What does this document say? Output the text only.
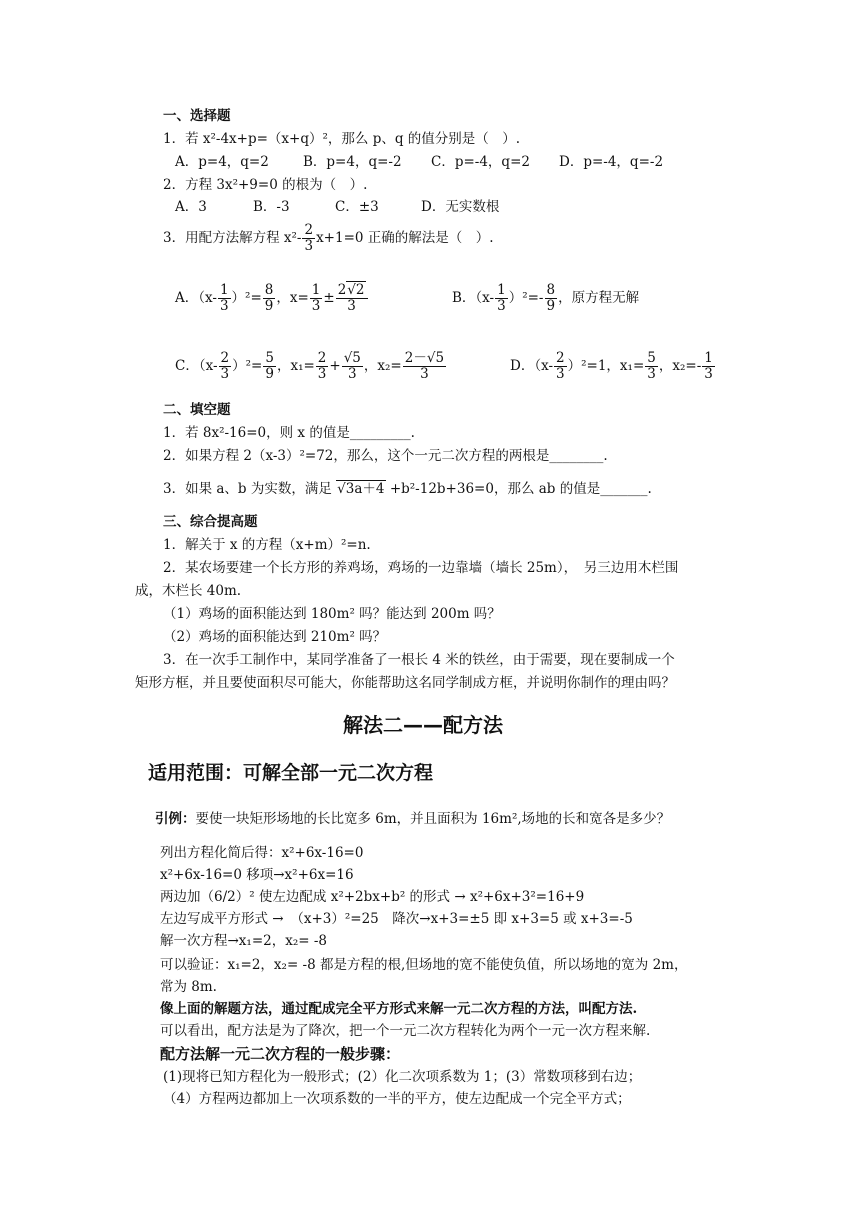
一、选择题
1．若 x²-4x+p=（x+q）²，那么 p、q 的值分别是（　）.
A．p=4，q=2	B．p=4，q=-2 C．p=-4，q=2 D．p=-4，q=-2
2．方程 3x²+9=0 的根为（　）.
A．3	B．-3	C．±3	D．无实数根
3．用配方法解方程 $x^2- \frac{2}{3} x+1=0$ 正确的解法是（　）.
A．$(x- \frac{1}{3} )^2= \frac{8}{9}$ ，$x= \frac{1}{3} \pm \frac{2√2}{3}$	B．$(x- \frac{1}{3} )^2=- \frac{8}{9}$ ，原方程无解
C．$(x- \frac{2}{3} )^2= \frac{5}{9}$ ，$x_1= \frac{2}{3} + \frac{√5}{3}$ ，$x_2= \frac{2-√5}{3}$	D．$(x- \frac{2}{3} )^2=1$，$x_1= \frac{5}{3}$ ，$x_2=- \frac{1}{3}$
二、填空题
1．若 8x²-16=0，则 x 的值是_________.
2．如果方程 2（x-3）²=72，那么，这个一元二次方程的两根是________.
3．如果 a、b 为实数，满足 √3a＋4 +b²-12b+36=0，那么 ab 的值是_______.
三、综合提高题
1．解关于 x 的方程（x+m）²=n.
2．某农场要建一个长方形的养鸡场，鸡场的一边靠墙（墙长 25m），　另三边用木栏围
成，木栏长 40m.
（1）鸡场的面积能达到 180m² 吗？能达到 200m 吗？
（2）鸡场的面积能达到 210m² 吗？
3．在一次手工制作中，某同学准备了一根长 4 米的铁丝，由于需要，现在要制成一个
矩形方框，并且要使面积尽可能大，你能帮助这名同学制成方框，并说明你制作的理由吗？
解法二——配方法
适用范围：可解全部一元二次方程
引例：要使一块矩形场地的长比宽多 6m，并且面积为 16m²,场地的长和宽各是多少？
列出方程化简后得：x²+6x-16=0
x²+6x-16=0 移项→x²+6x=16
两边加（6/2）² 使左边配成 x²+2bx+b² 的形式 → x²+6x+3²=16+9
左边写成平方形式 →　（x+3）²=25　降次→x+3=±5 即 x+3=5 或 x+3=-5
解一次方程→x₁=2，x₂= -8
可以验证：x₁=2，x₂= -8 都是方程的根,但场地的宽不能使负值，所以场地的宽为 2m，
常为 8m.
像上面的解题方法，通过配成完全平方形式来解一元二次方程的方法，叫配方法.
可以看出，配方法是为了降次，把一个一元二次方程转化为两个一元一次方程来解.
配方法解一元二次方程的一般步骤：
(1)现将已知方程化为一般形式；(2）化二次项系数为 1；(3）常数项移到右边；
（4）方程两边都加上一次项系数的一半的平方，使左边配成一个完全平方式；
